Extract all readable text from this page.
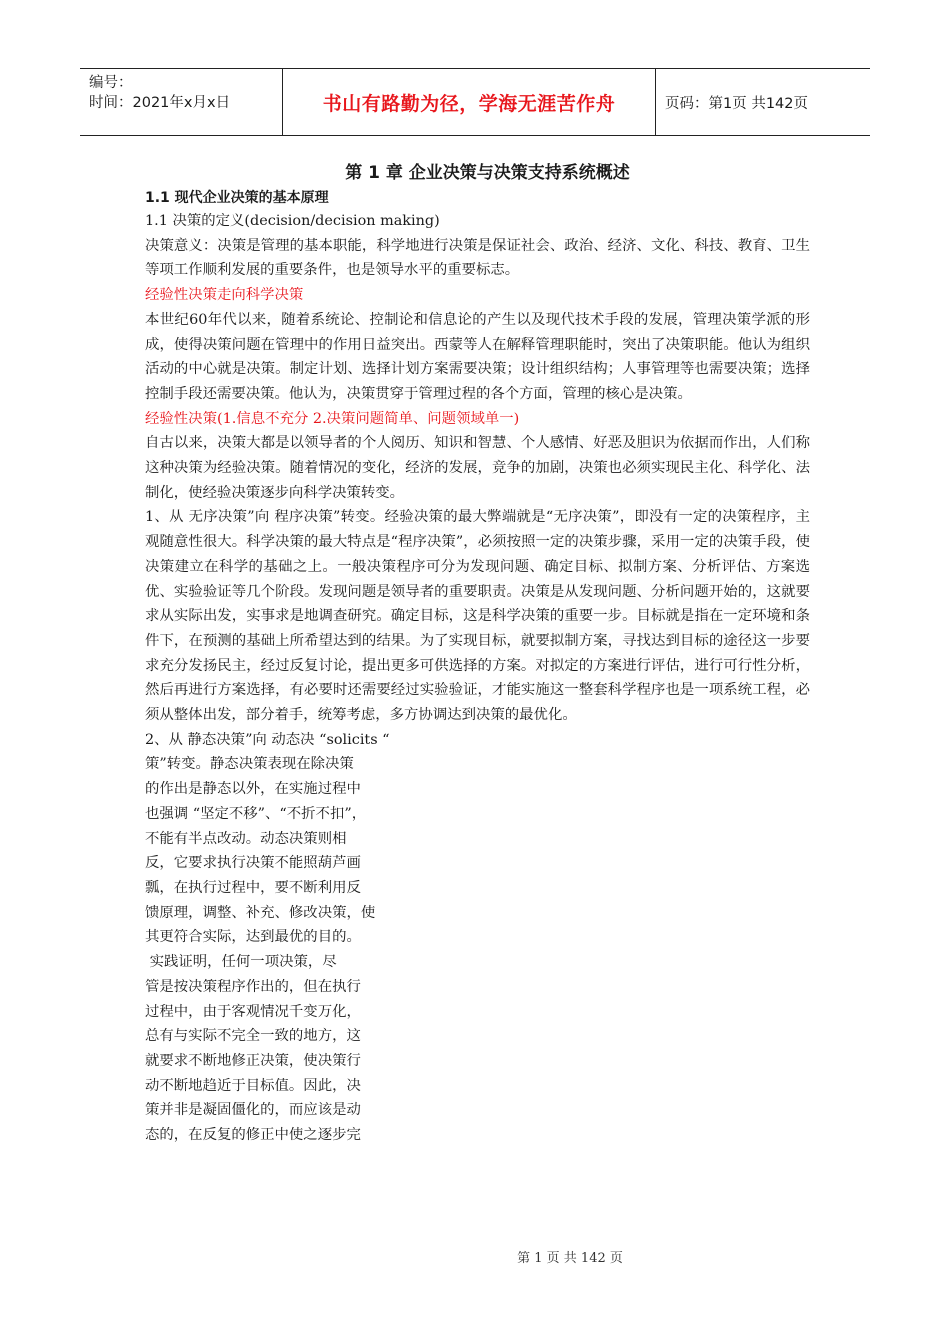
编号：
时间：2021年x月x日	书山有路勤为径，学海无涯苦作舟	页码：第1页 共142页
第 1 章 企业决策与决策支持系统概述
1.1 现代企业决策的基本原理

1.1 决策的定义(decision/decision making)

决策意义：决策是管理的基本职能，科学地进行决策是保证社会、政治、经济、文化、科技、教育、卫生等项工作顺利发展的重要条件，也是领导水平的重要标志。

经验性决策走向科学决策

本世纪60年代以来，随着系统论、控制论和信息论的产生以及现代技术手段的发展，管理决策学派的形成，使得决策问题在管理中的作用日益突出。西蒙等人在解释管理职能时，突出了决策职能。他认为组织活动的中心就是决策。制定计划、选择计划方案需要决策；设计组织结构；人事管理等也需要决策；选择控制手段还需要决策。他认为，决策贯穿于管理过程的各个方面，管理的核心是决策。

经验性决策(1.信息不充分 2.决策问题简单、问题领域单一)

自古以来，决策大都是以领导者的个人阅历、知识和智慧、个人感情、好恶及胆识为依据而作出，人们称这种决策为经验决策。随着情况的变化，经济的发展，竞争的加剧，决策也必须实现民主化、科学化、法制化，使经验决策逐步向科学决策转变。

1、从 无序决策”向 程序决策”转变。经验决策的最大弊端就是“无序决策”，即没有一定的决策程序，主观随意性很大。科学决策的最大特点是“程序决策”，必须按照一定的决策步骤，采用一定的决策手段，使决策建立在科学的基础之上。一般决策程序可分为发现问题、确定目标、拟制方案、分析评估、方案选优、实验验证等几个阶段。发现问题是领导者的重要职责。决策是从发现问题、分析问题开始的，这就要求从实际出发，实事求是地调查研究。确定目标，这是科学决策的重要一步。目标就是指在一定环境和条件下，在预测的基础上所希望达到的结果。为了实现目标，就要拟制方案，寻找达到目标的途径这一步要求充分发扬民主，经过反复讨论，提出更多可供选择的方案。对拟定的方案进行评估，进行可行性分析，然后再进行方案选择，有必要时还需要经过实验验证，才能实施这一整套科学程序也是一项系统工程，必须从整体出发，部分着手，统筹考虑，多方协调达到决策的最优化。

2、从 静态决策”向 动态决 “solicits “

策”转变。静态决策表现在除决策
的作出是静态以外，在实施过程中
也强调 “坚定不移”、“不折不扣”，
不能有半点改动。动态决策则相
反，它要求执行决策不能照葫芦画
瓢，在执行过程中，要不断利用反
馈原理，调整、补充、修改决策，使
其更符合实际，达到最优的目的。
实践证明，任何一项决策，尽
管是按决策程序作出的，但在执行
过程中，由于客观情况千变万化，
总有与实际不完全一致的地方，这
就要求不断地修正决策，使决策行
动不断地趋近于目标值。因此，决
策并非是凝固僵化的，而应该是动
态的，在反复的修正中使之逐步完
第 1 页 共 142 页
